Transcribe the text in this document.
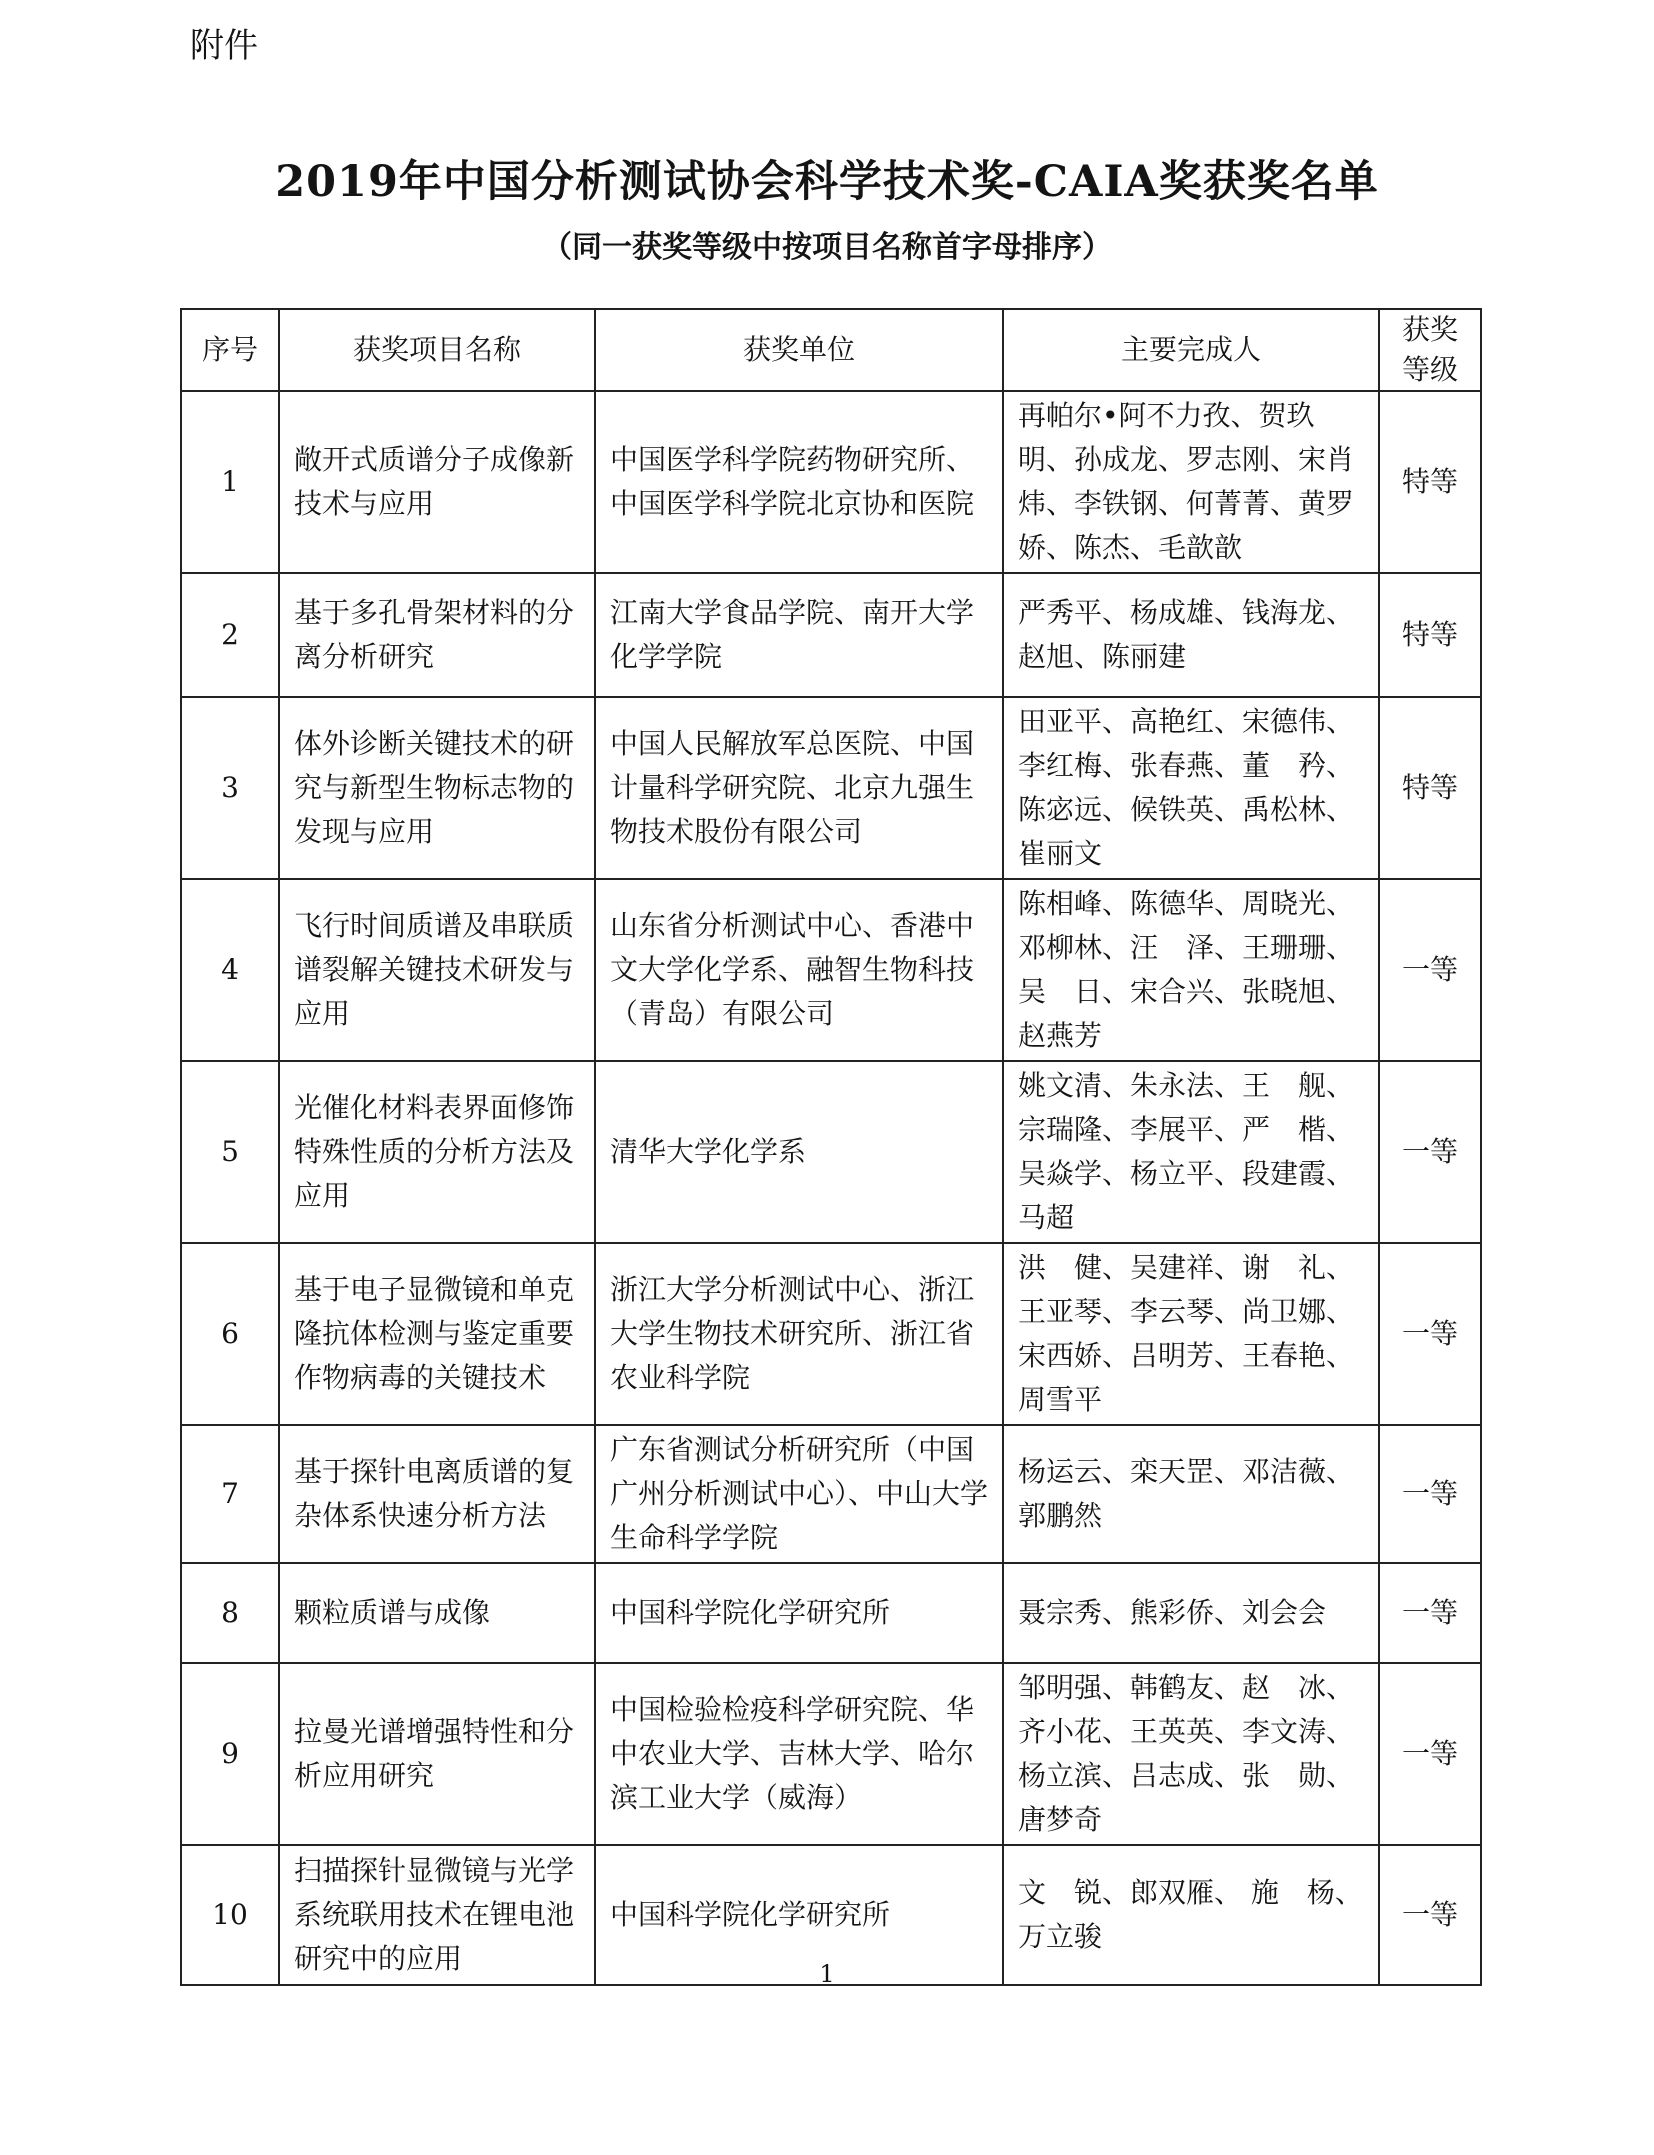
附件
2019年中国分析测试协会科学技术奖-CAIA奖获奖名单
（同一获奖等级中按项目名称首字母排序）
序号	获奖项目名称	获奖单位	主要完成人	获奖等级
1	敞开式质谱分子成像新技术与应用	中国医学科学院药物研究所、中国医学科学院北京协和医院	再帕尔•阿不力孜、贺玖明、孙成龙、罗志刚、宋肖炜、李铁钢、何菁菁、黄罗娇、陈杰、毛歆歆	特等
2	基于多孔骨架材料的分离分析研究	江南大学食品学院、南开大学化学学院	严秀平、杨成雄、钱海龙、赵旭、陈丽建	特等
3	体外诊断关键技术的研究与新型生物标志物的发现与应用	中国人民解放军总医院、中国计量科学研究院、北京九强生物技术股份有限公司	田亚平、高艳红、宋德伟、李红梅、张春燕、董　矜、陈宓远、候铁英、禹松林、崔丽文	特等
4	飞行时间质谱及串联质谱裂解关键技术研发与应用	山东省分析测试中心、香港中文大学化学系、融智生物科技（青岛）有限公司	陈相峰、陈德华、周晓光、邓柳林、汪　泽、王珊珊、吴　日、宋合兴、张晓旭、赵燕芳	一等
5	光催化材料表界面修饰特殊性质的分析方法及应用	清华大学化学系	姚文清、朱永法、王　舰、宗瑞隆、李展平、严　楷、吴焱学、杨立平、段建霞、马超	一等
6	基于电子显微镜和单克隆抗体检测与鉴定重要作物病毒的关键技术	浙江大学分析测试中心、浙江大学生物技术研究所、浙江省农业科学院	洪　健、吴建祥、谢　礼、王亚琴、李云琴、尚卫娜、宋西娇、吕明芳、王春艳、周雪平	一等
7	基于探针电离质谱的复杂体系快速分析方法	广东省测试分析研究所（中国广州分析测试中心）、中山大学生命科学学院	杨运云、栾天罡、邓洁薇、郭鹏然	一等
8	颗粒质谱与成像	中国科学院化学研究所	聂宗秀、熊彩侨、刘会会	一等
9	拉曼光谱增强特性和分析应用研究	中国检验检疫科学研究院、华中农业大学、吉林大学、哈尔滨工业大学（威海）	邹明强、韩鹤友、赵　冰、齐小花、王英英、李文涛、杨立滨、吕志成、张　勋、唐梦奇	一等
10	扫描探针显微镜与光学系统联用技术在锂电池研究中的应用	中国科学院化学研究所	文　锐、郎双雁、 施　杨、万立骏	一等
1
